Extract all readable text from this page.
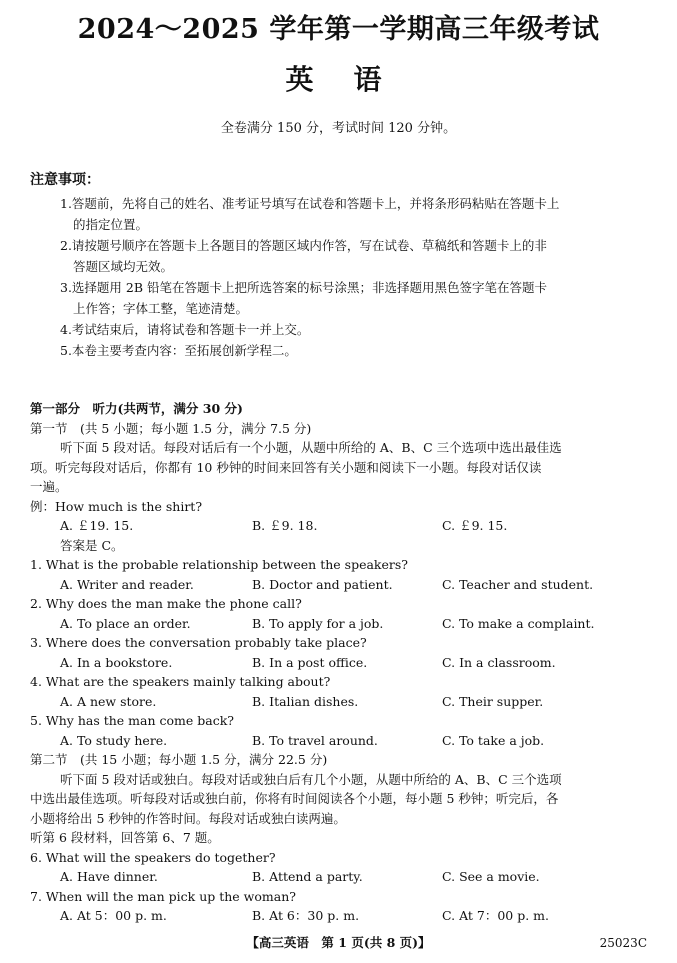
2024～2025 学年第一学期高三年级考试
英语
全卷满分 150 分，考试时间 120 分钟。
注意事项：

1.答题前，先将自己的姓名、准考证号填写在试卷和答题卡上，并将条形码粘贴在答题卡上
的指定位置。

2.请按题号顺序在答题卡上各题目的答题区域内作答，写在试卷、草稿纸和答题卡上的非
答题区域均无效。

3.选择题用 2B 铅笔在答题卡上把所选答案的标号涂黑；非选择题用黑色签字笔在答题卡
上作答；字体工整，笔迹清楚。

4.考试结束后，请将试卷和答题卡一并上交。

5.本卷主要考查内容：至拓展创新学程二。

第一部分　听力(共两节，满分 30 分)
第一节　(共 5 小题；每小题 1.5 分，满分 7.5 分)
听下面 5 段对话。每段对话后有一个小题，从题中所给的 A、B、C 三个选项中选出最佳选
项。听完每段对话后，你都有 10 秒钟的时间来回答有关小题和阅读下一小题。每段对话仅读
一遍。
例：How much is the shirt?
A. ￡19. 15.	B. ￡9. 18.	C. ￡9. 15.
答案是 C。
1. What is the probable relationship between the speakers?
A. Writer and reader.	B. Doctor and patient.	C. Teacher and student.
2. Why does the man make the phone call?
A. To place an order.	B. To apply for a job.	C. To make a complaint.
3. Where does the conversation probably take place?
A. In a bookstore.	B. In a post office.	C. In a classroom.
4. What are the speakers mainly talking about?
A. A new store.	B. Italian dishes.	C. Their supper.
5. Why has the man come back?
A. To study here.	B. To travel around.	C. To take a job.
第二节　(共 15 小题；每小题 1.5 分，满分 22.5 分)
听下面 5 段对话或独白。每段对话或独白后有几个小题，从题中所给的 A、B、C 三个选项
中选出最佳选项。听每段对话或独白前，你将有时间阅读各个小题，每小题 5 秒钟；听完后，各
小题将给出 5 秒钟的作答时间。每段对话或独白读两遍。
听第 6 段材料，回答第 6、7 题。
6. What will the speakers do together?
A. Have dinner.	B. Attend a party.	C. See a movie.
7. When will the man pick up the woman?
A. At 5：00 p. m.	B. At 6：30 p. m.	C. At 7：00 p. m.
【高三英语　第 1 页(共 8 页)】	25023C
